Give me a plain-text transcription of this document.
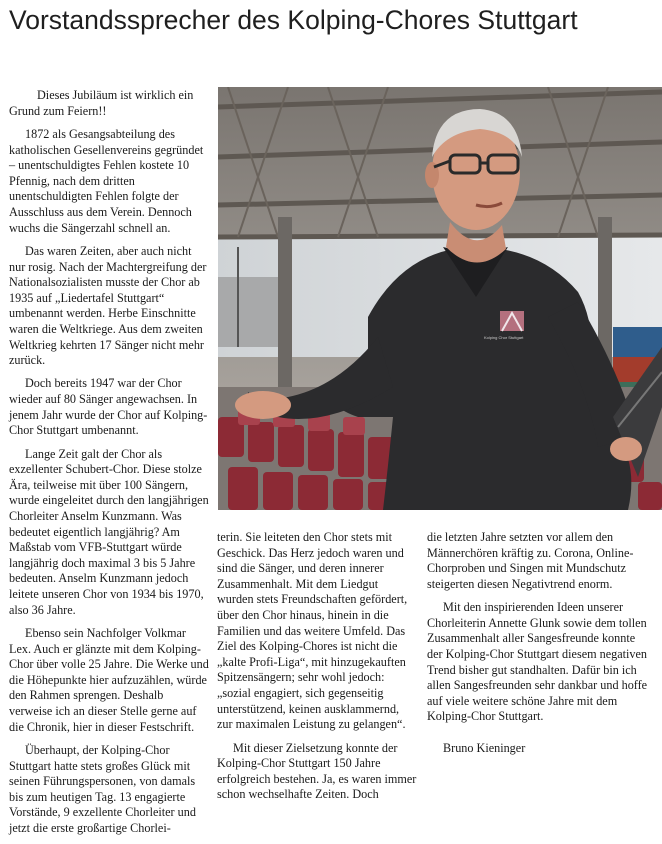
Vorstandssprecher des Kolping-Chores Stuttgart

Dieses Jubiläum ist wirklich ein Grund zum Feiern!!

1872 als Gesangsabteilung des katholischen Gesellenvereins gegründet – unentschuldigtes Fehlen kostete 10 Pfennig, nach dem dritten unentschuldigten Fehlen folgte der Ausschluss aus dem Verein. Dennoch wuchs die Sängerzahl schnell an.

Das waren Zeiten, aber auch nicht nur rosig. Nach der Machtergreifung der Nationalsozialisten musste der Chor ab 1935 auf „Liedertafel Stuttgart“ umbenannt werden. Herbe Einschnitte waren die Weltkriege. Aus dem zweiten Weltkrieg kehrten 17 Sänger nicht mehr zurück.

Doch bereits 1947 war der Chor wieder auf 80 Sänger angewachsen. In jenem Jahr wurde der Chor auf Kolping-Chor Stuttgart umbenannt.

Lange Zeit galt der Chor als exzellenter Schubert-Chor. Diese stolze Ära, teilweise mit über 100 Sängern, wurde eingeleitet durch den langjährigen Chorleiter Anselm Kunzmann. Was bedeutet eigentlich langjährig? Am Maßstab vom VFB-Stuttgart würde langjährig doch maximal 3 bis 5 Jahre bedeuten. Anselm Kunzmann jedoch leitete unseren Chor von 1934 bis 1970, also 36 Jahre.

Ebenso sein Nachfolger Volkmar Lex. Auch er glänzte mit dem Kolping-Chor über volle 25 Jahre. Die Werke und die Höhepunkte hier aufzuzählen, würde den Rahmen sprengen. Deshalb verweise ich an dieser Stelle gerne auf die Chronik, hier in dieser Festschrift.

Überhaupt, der Kolping-Chor Stuttgart hatte stets großes Glück mit seinen Führungspersonen, von damals bis zum heutigen Tag. 13 engagierte Vorstände, 9 exzellente Chorleiter und jetzt die erste großartige Chorlei-

Kolping Chor Stuttgart

terin. Sie leiteten den Chor stets mit Geschick. Das Herz jedoch waren und sind die Sänger, und deren innerer Zusammenhalt. Mit dem Liedgut wurden stets Freundschaften gefördert, über den Chor hinaus, hinein in die Familien und das weitere Umfeld. Das Ziel des Kolping-Chores ist nicht die „kalte Profi-Liga“, mit hinzugekauften Spitzensängern; sehr wohl jedoch: „sozial engagiert, sich gegenseitig unterstützend, keinen ausklammernd, zur maximalen Leistung zu gelangen“.

Mit dieser Zielsetzung konnte der Kolping-Chor Stuttgart 150 Jahre erfolgreich bestehen. Ja, es waren immer schon wechselhafte Zeiten. Doch

die letzten Jahre setzten vor allem den Männerchören kräftig zu. Corona, Online-Chorproben und Singen mit Mundschutz steigerten diesen Negativtrend enorm.

Mit den inspirierenden Ideen unserer Chorleiterin Annette Glunk sowie dem tollen Zusammenhalt aller Sangesfreunde konnte der Kolping-Chor Stuttgart diesem negativen Trend bisher gut standhalten. Dafür bin ich allen Sangesfreunden sehr dankbar und hoffe auf viele weitere schöne Jahre mit dem Kolping-Chor Stuttgart.

Bruno Kieninger
